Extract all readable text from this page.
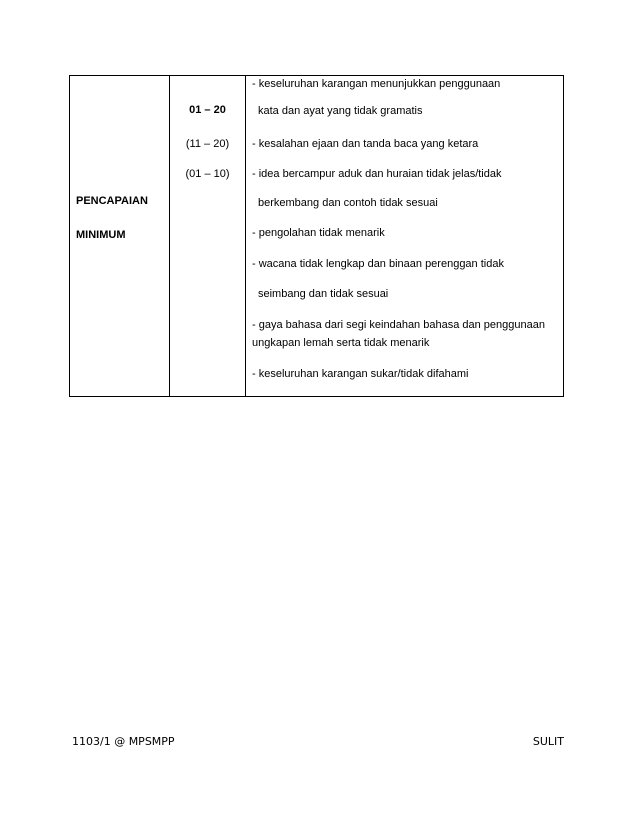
PENCAPAIAN
MINIMUM
01 – 20
(11 – 20)
(01 – 10)
- keseluruhan karangan menunjukkan penggunaan
kata dan ayat yang tidak gramatis
- kesalahan ejaan dan tanda baca yang ketara
- idea bercampur aduk dan huraian tidak jelas/tidak
berkembang dan contoh tidak sesuai
- pengolahan tidak menarik
- wacana tidak lengkap dan binaan perenggan tidak
seimbang dan tidak sesuai
- gaya bahasa dari segi keindahan bahasa dan penggunaan
ungkapan lemah serta tidak menarik
- keseluruhan karangan sukar/tidak difahami
1103/1 @ MPSMPP	SULIT
